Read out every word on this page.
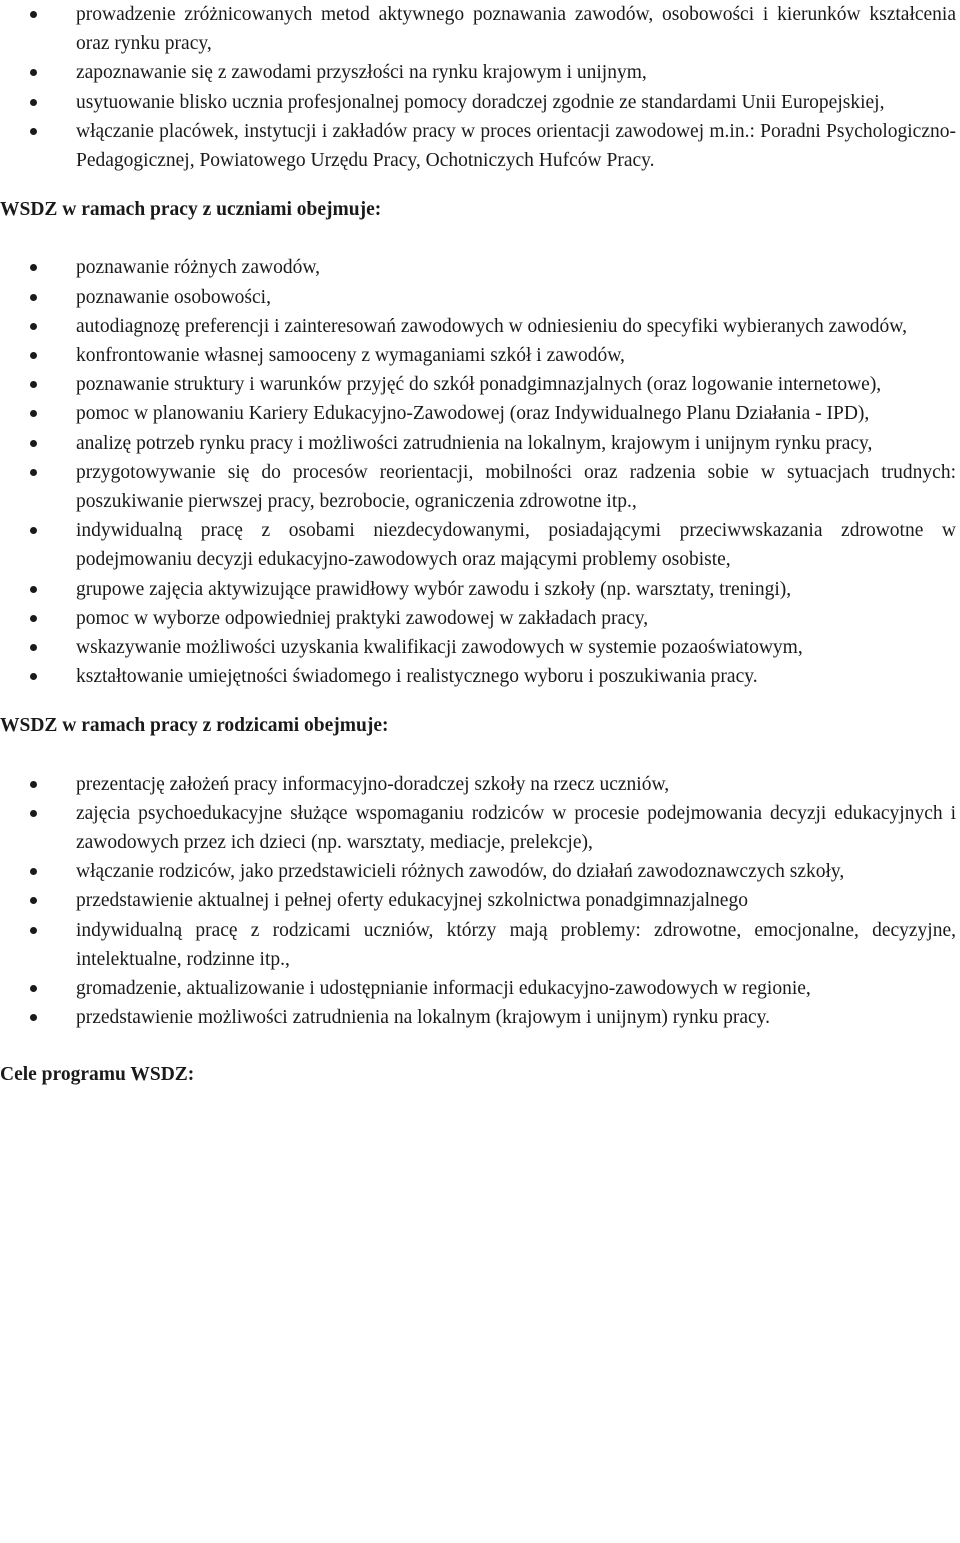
prowadzenie zróżnicowanych metod aktywnego poznawania zawodów, osobowości i kierunków kształcenia oraz rynku pracy,
zapoznawanie się z zawodami przyszłości na rynku krajowym i unijnym,
usytuowanie blisko ucznia profesjonalnej pomocy doradczej zgodnie ze standardami Unii Europejskiej,
włączanie placówek, instytucji i zakładów pracy w proces orientacji zawodowej m.in.: Poradni Psychologiczno-Pedagogicznej, Powiatowego Urzędu Pracy, Ochotniczych Hufców Pracy.

WSDZ w ramach pracy z uczniami obejmuje:

poznawanie różnych zawodów,
poznawanie osobowości,
autodiagnozę preferencji i zainteresowań zawodowych w odniesieniu do specyfiki wybieranych zawodów,
konfrontowanie własnej samooceny z wymaganiami szkół i zawodów,
poznawanie struktury i warunków przyjęć do szkół ponadgimnazjalnych (oraz logowanie internetowe),
pomoc w planowaniu Kariery Edukacyjno-Zawodowej (oraz Indywidualnego Planu Działania - IPD),
analizę potrzeb rynku pracy i możliwości zatrudnienia na lokalnym, krajowym i unijnym rynku pracy,
przygotowywanie się do procesów reorientacji, mobilności oraz radzenia sobie w sytuacjach trudnych: poszukiwanie pierwszej pracy, bezrobocie, ograniczenia zdrowotne itp.,
indywidualną pracę z osobami niezdecydowanymi, posiadającymi przeciwwskazania zdrowotne w podejmowaniu decyzji edukacyjno-zawodowych oraz mającymi problemy osobiste,
grupowe zajęcia aktywizujące prawidłowy wybór zawodu i szkoły (np. warsztaty, treningi),
pomoc w wyborze odpowiedniej praktyki zawodowej w zakładach pracy,
wskazywanie możliwości uzyskania kwalifikacji zawodowych w systemie pozaoświatowym,
kształtowanie umiejętności świadomego i realistycznego wyboru i poszukiwania pracy.

WSDZ w ramach pracy z rodzicami obejmuje:

prezentację założeń pracy informacyjno-doradczej szkoły na rzecz uczniów,
zajęcia psychoedukacyjne służące wspomaganiu rodziców w procesie podejmowania decyzji edukacyjnych i zawodowych przez ich dzieci (np. warsztaty, mediacje, prelekcje),
włączanie rodziców, jako przedstawicieli różnych zawodów, do działań zawodoznawczych szkoły,
przedstawienie aktualnej i pełnej oferty edukacyjnej szkolnictwa ponadgimnazjalnego
indywidualną pracę z rodzicami uczniów, którzy mają problemy: zdrowotne, emocjonalne, decyzyjne, intelektualne, rodzinne itp.,
gromadzenie, aktualizowanie i udostępnianie informacji edukacyjno-zawodowych w regionie,
przedstawienie możliwości zatrudnienia na lokalnym (krajowym i unijnym) rynku pracy.

Cele programu WSDZ:
